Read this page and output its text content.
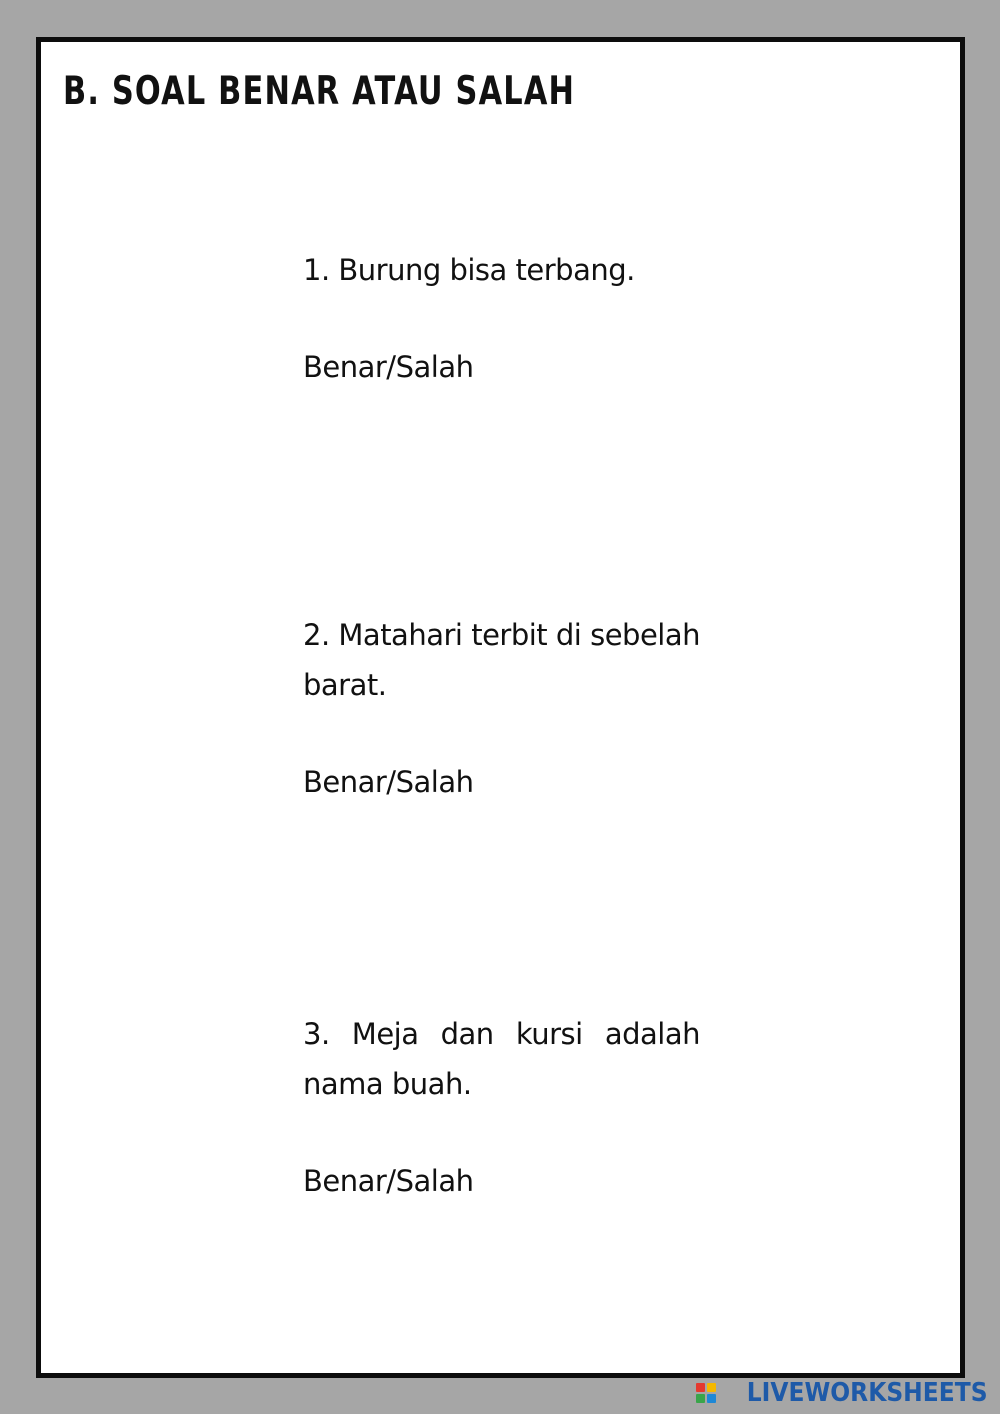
B. SOAL BENAR ATAU SALAH
1. Burung bisa terbang.
Benar/Salah
2. Matahari terbit di sebelah barat.
Benar/Salah
3. Meja dan kursi adalah nama buah.
Benar/Salah
LIVEWORKSHEETS
